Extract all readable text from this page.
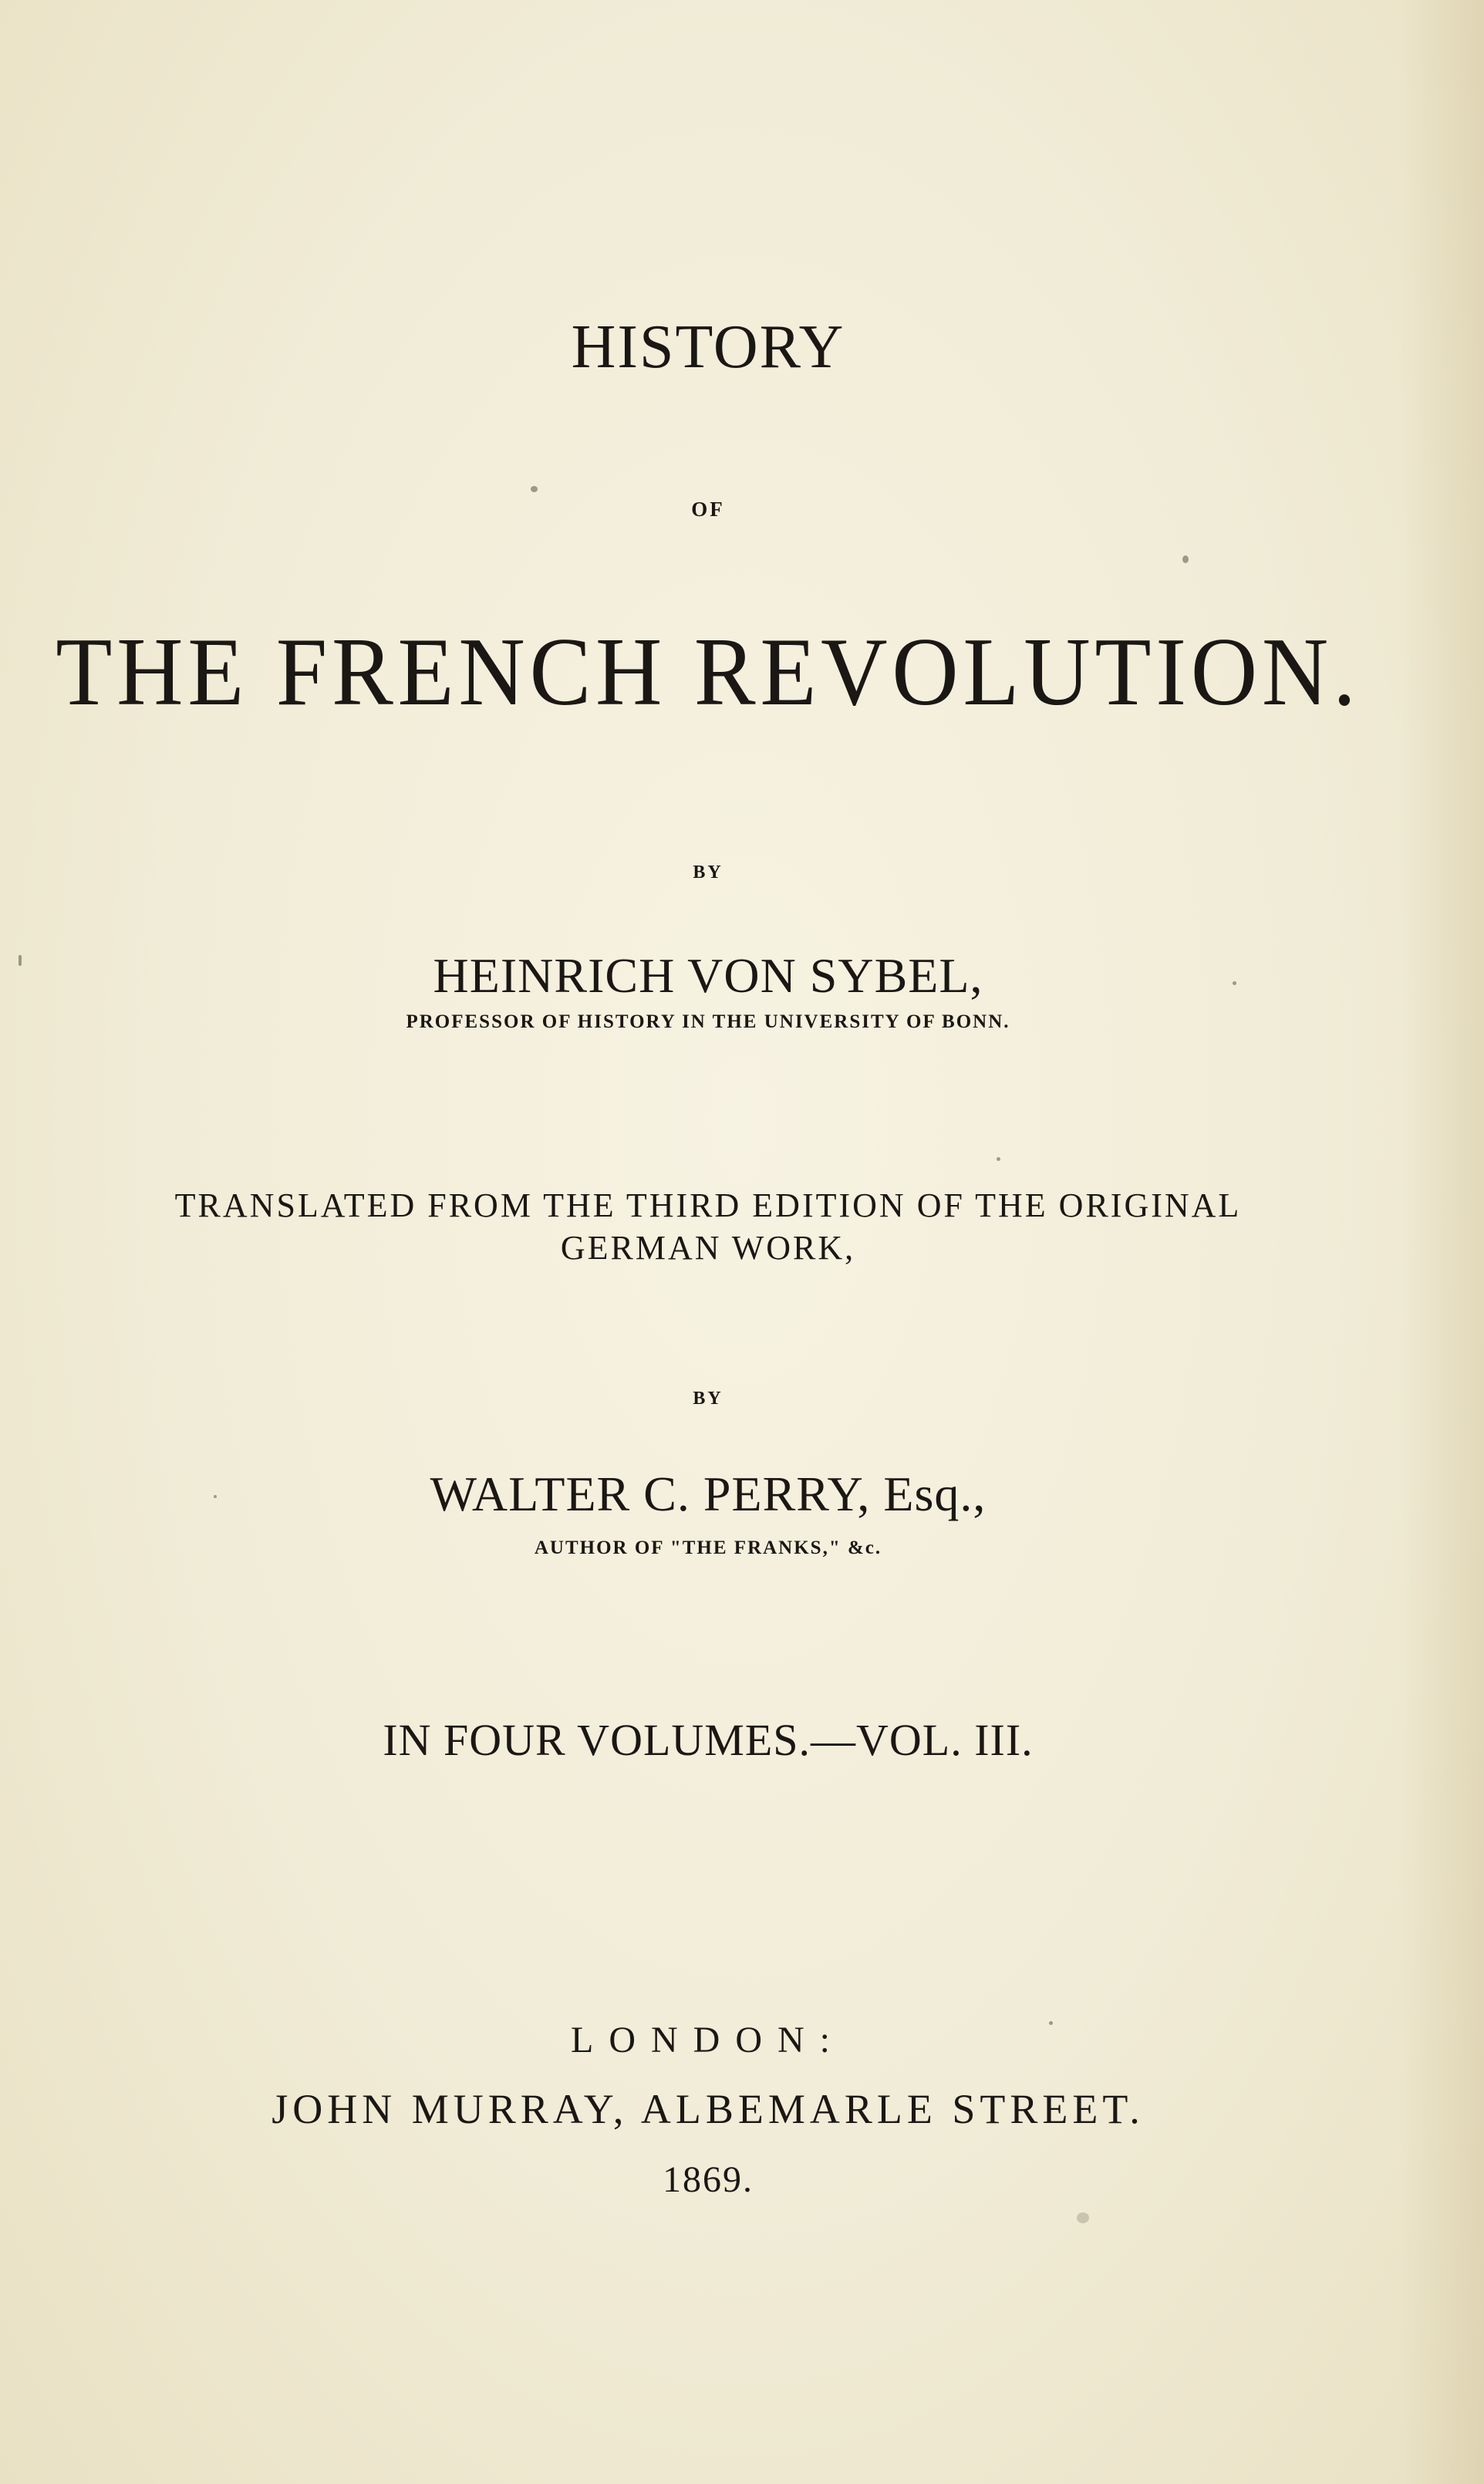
HISTORY

OF

THE FRENCH REVOLUTION.

BY

HEINRICH VON SYBEL,

PROFESSOR OF HISTORY IN THE UNIVERSITY OF BONN.

TRANSLATED FROM THE THIRD EDITION OF THE ORIGINAL

GERMAN WORK,

BY

WALTER C. PERRY, Esq.,

AUTHOR OF "THE FRANKS," &c.

IN FOUR VOLUMES.—VOL. III.

LONDON:

JOHN MURRAY, ALBEMARLE STREET.

1869.
